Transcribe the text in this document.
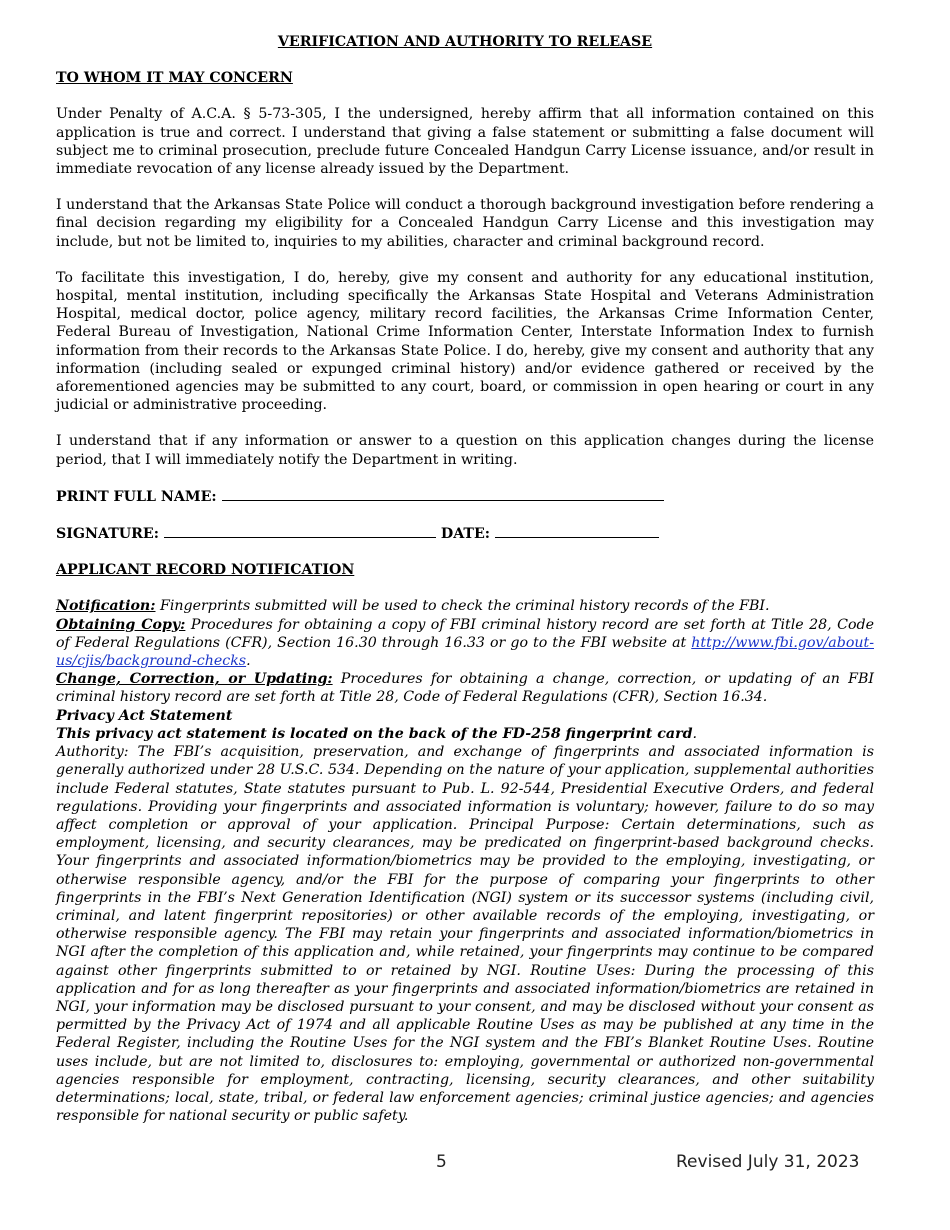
VERIFICATION AND AUTHORITY TO RELEASE
TO WHOM IT MAY CONCERN

Under Penalty of A.C.A. § 5-73-305, I the undersigned, hereby affirm that all information contained on this application is true and correct. I understand that giving a false statement or submitting a false document will subject me to criminal prosecution, preclude future Concealed Handgun Carry License issuance, and/or result in immediate revocation of any license already issued by the Department.

I understand that the Arkansas State Police will conduct a thorough background investigation before rendering a final decision regarding my eligibility for a Concealed Handgun Carry License and this investigation may include, but not be limited to, inquiries to my abilities, character and criminal background record.

To facilitate this investigation, I do, hereby, give my consent and authority for any educational institution, hospital, mental institution, including specifically the Arkansas State Hospital and Veterans Administration Hospital, medical doctor, police agency, military record facilities, the Arkansas Crime Information Center, Federal Bureau of Investigation, National Crime Information Center, Interstate Information Index to furnish information from their records to the Arkansas State Police. I do, hereby, give my consent and authority that any information (including sealed or expunged criminal history) and/or evidence gathered or received by the aforementioned agencies may be submitted to any court, board, or commission in open hearing or court in any judicial or administrative proceeding.

I understand that if any information or answer to a question on this application changes during the license period, that I will immediately notify the Department in writing.

PRINT FULL NAME:
SIGNATURE:	DATE:
APPLICANT RECORD NOTIFICATION

Notification: Fingerprints submitted will be used to check the criminal history records of the FBI.

Obtaining Copy: Procedures for obtaining a copy of FBI criminal history record are set forth at Title 28, Code of Federal Regulations (CFR), Section 16.30 through 16.33 or go to the FBI website at http://www.fbi.gov/about-us/cjis/background-checks.

Change, Correction, or Updating: Procedures for obtaining a change, correction, or updating of an FBI criminal history record are set forth at Title 28, Code of Federal Regulations (CFR), Section 16.34.

Privacy Act Statement

This privacy act statement is located on the back of the FD-258 fingerprint card.

Authority: The FBI’s acquisition, preservation, and exchange of fingerprints and associated information is generally authorized under 28 U.S.C. 534. Depending on the nature of your application, supplemental authorities include Federal statutes, State statutes pursuant to Pub. L. 92-544, Presidential Executive Orders, and federal regulations. Providing your fingerprints and associated information is voluntary; however, failure to do so may affect completion or approval of your application. Principal Purpose: Certain determinations, such as employment, licensing, and security clearances, may be predicated on fingerprint-based background checks. Your fingerprints and associated information/biometrics may be provided to the employing, investigating, or otherwise responsible agency, and/or the FBI for the purpose of comparing your fingerprints to other fingerprints in the FBI’s Next Generation Identification (NGI) system or its successor systems (including civil, criminal, and latent fingerprint repositories) or other available records of the employing, investigating, or otherwise responsible agency. The FBI may retain your fingerprints and associated information/biometrics in NGI after the completion of this application and, while retained, your fingerprints may continue to be compared against other fingerprints submitted to or retained by NGI. Routine Uses: During the processing of this application and for as long thereafter as your fingerprints and associated information/biometrics are retained in NGI, your information may be disclosed pursuant to your consent, and may be disclosed without your consent as permitted by the Privacy Act of 1974 and all applicable Routine Uses as may be published at any time in the Federal Register, including the Routine Uses for the NGI system and the FBI’s Blanket Routine Uses. Routine uses include, but are not limited to, disclosures to: employing, governmental or authorized non-governmental agencies responsible for employment, contracting, licensing, security clearances, and other suitability determinations; local, state, tribal, or federal law enforcement agencies; criminal justice agencies; and agencies responsible for national security or public safety.

5	Revised July 31, 2023
